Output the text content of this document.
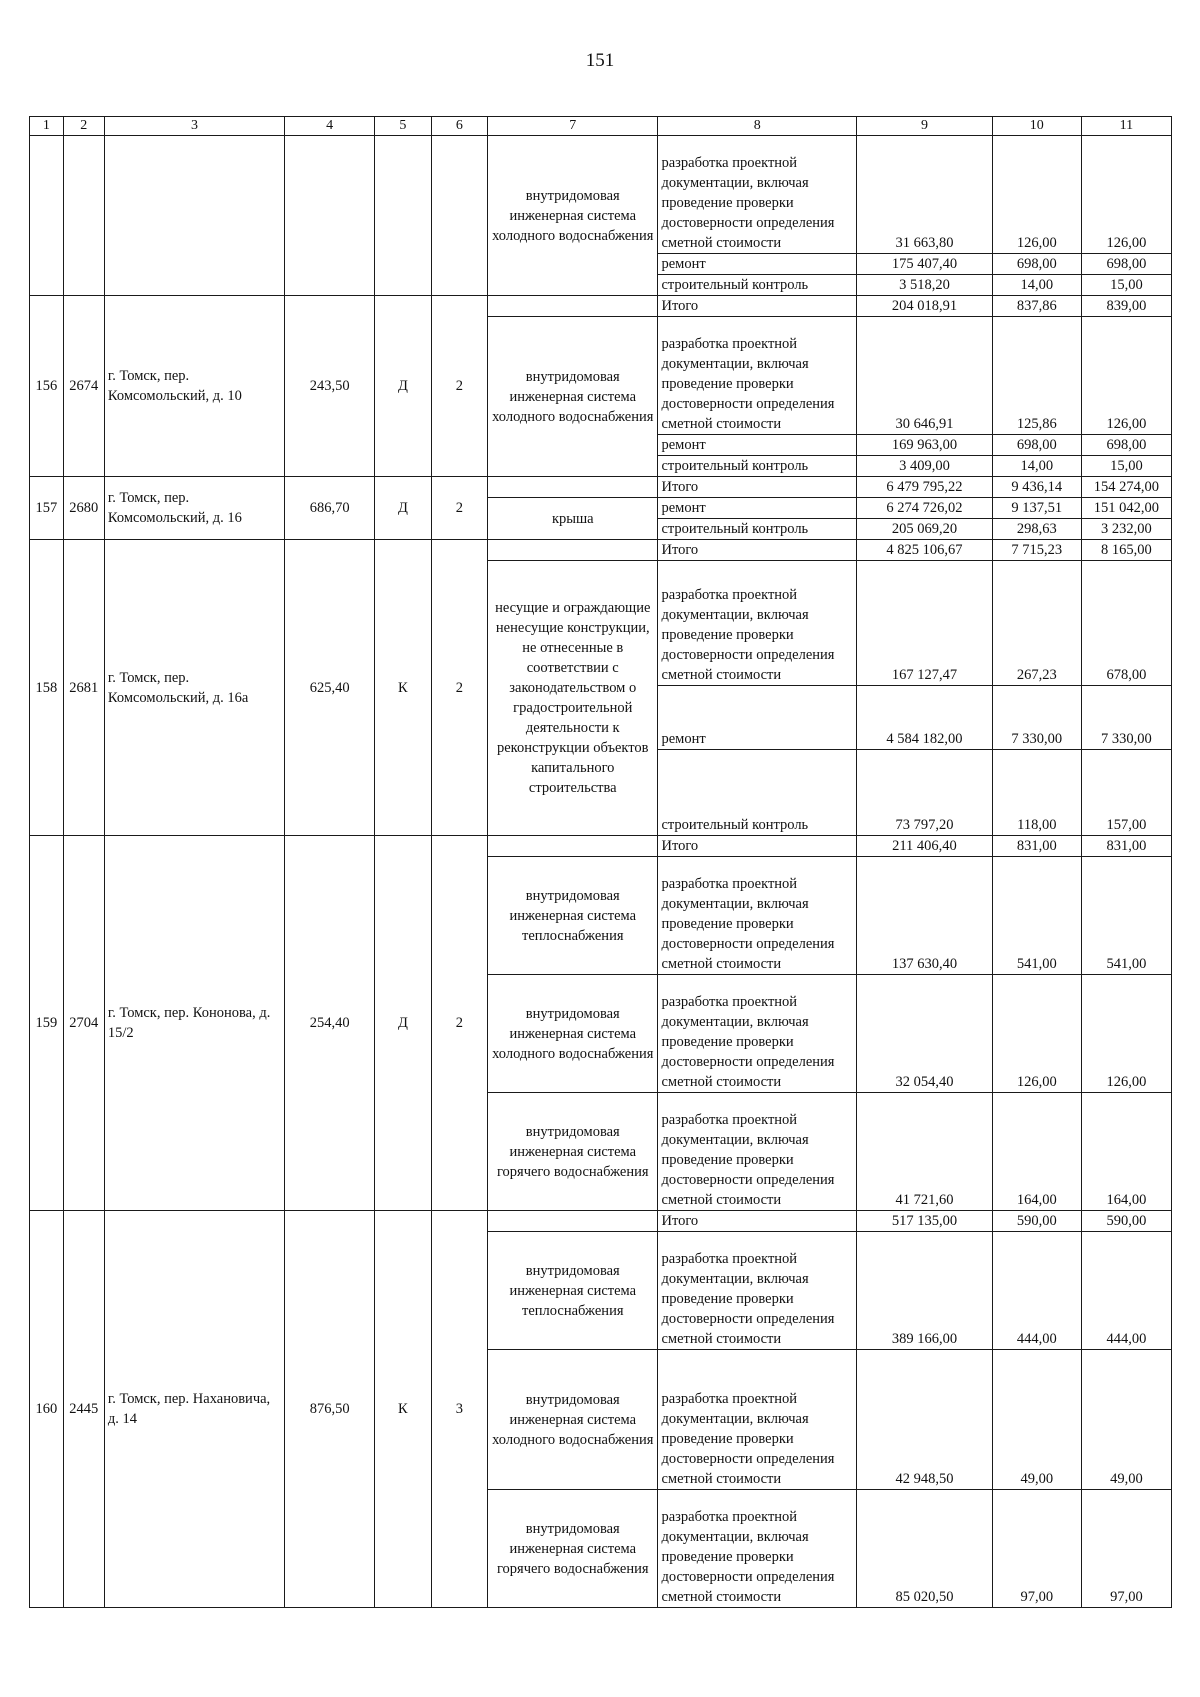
151
1	2	3	4	5	6	7	8	9	10	11
						внутридомовая инженерная система холодного водоснабжения	разработка проектной документации, включая проведение проверки достоверности определения сметной стоимости	31 663,80	126,00	126,00
							ремонт	175 407,40	698,00	698,00
							строительный контроль	3 518,20	14,00	15,00
156	2674	г. Томск, пер. Комсомольский, д. 10	243,50	Д	2		Итого	204 018,91	837,86	839,00
						внутридомовая инженерная система холодного водоснабжения	разработка проектной документации, включая проведение проверки достоверности определения сметной стоимости	30 646,91	125,86	126,00
							ремонт	169 963,00	698,00	698,00
							строительный контроль	3 409,00	14,00	15,00
157	2680	г. Томск, пер. Комсомольский, д. 16	686,70	Д	2		Итого	6 479 795,22	9 436,14	154 274,00
						крыша	ремонт	6 274 726,02	9 137,51	151 042,00
							строительный контроль	205 069,20	298,63	3 232,00
158	2681	г. Томск, пер. Комсомольский, д. 16а	625,40	К	2		Итого	4 825 106,67	7 715,23	8 165,00
						несущие и ограждающие ненесущие конструкции, не отнесенные в соответствии с законодательством о градостроительной деятельности к реконструкции объектов капитального строительства	разработка проектной документации, включая проведение проверки достоверности определения сметной стоимости	167 127,47	267,23	678,00
							ремонт	4 584 182,00	7 330,00	7 330,00
							строительный контроль	73 797,20	118,00	157,00
159	2704	г. Томск, пер. Кононова, д. 15/2	254,40	Д	2		Итого	211 406,40	831,00	831,00
						внутридомовая инженерная система теплоснабжения	разработка проектной документации, включая проведение проверки достоверности определения сметной стоимости	137 630,40	541,00	541,00
						внутридомовая инженерная система холодного водоснабжения	разработка проектной документации, включая проведение проверки достоверности определения сметной стоимости	32 054,40	126,00	126,00
						внутридомовая инженерная система горячего водоснабжения	разработка проектной документации, включая проведение проверки достоверности определения сметной стоимости	41 721,60	164,00	164,00
160	2445	г. Томск, пер. Нахановича, д. 14	876,50	К	3		Итого	517 135,00	590,00	590,00
						внутридомовая инженерная система теплоснабжения	разработка проектной документации, включая проведение проверки достоверности определения сметной стоимости	389 166,00	444,00	444,00
						внутридомовая инженерная система холодного водоснабжения	разработка проектной документации, включая проведение проверки достоверности определения сметной стоимости	42 948,50	49,00	49,00
						внутридомовая инженерная система горячего водоснабжения	разработка проектной документации, включая проведение проверки достоверности определения сметной стоимости	85 020,50	97,00	97,00
